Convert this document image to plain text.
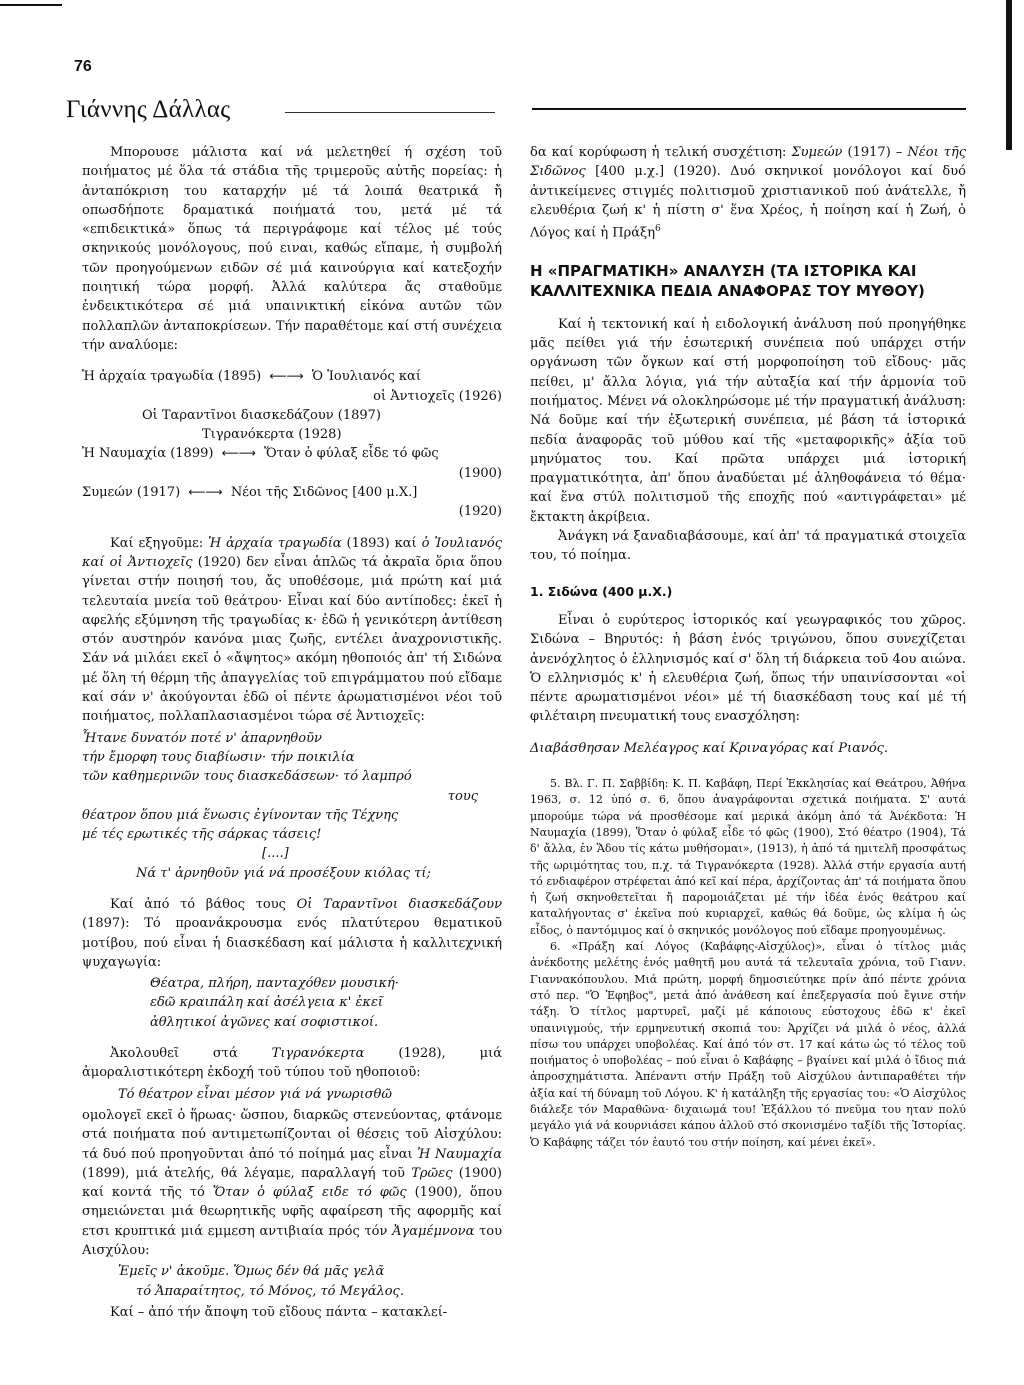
76
Γιάννης Δάλλας

Μπορουσε μάλιστα καί νά μελετηθεί ή σχέση τοῦ ποιήματος μέ ὅλα τά στάδια τῆς τριμεροῦς αὐτῆς πορείας: ἡ ἀνταπόκριση του καταρχήν μέ τά λοιπά θεατρικά ἤ οπωσδήποτε δραματικά ποιήματά του, μετά μέ τά «επιδεικτικά» ὅπως τά περιγράφομε καί τέλος μέ τούς σκηνικούς μονόλογους, πού ειναι, καθώς εἴπαμε, ἡ συμβολή τῶν προηγούμενων ειδῶν σέ μιά καινούργια καί κατεξοχήν ποιητική τώρα μορφή. Ἀλλά καλύτερα ἄς σταθοῦμε ἐνδεικτικότερα σέ μιά υπαινικτική εἰκόνα αυτῶν τῶν πολλαπλῶν ἀνταποκρίσεων. Τήν παραθέτομε καί στή συνέχεια τήν αναλύομε:

Ἡ ἀρχαία τραγωδία (1895) ⟵⟶ Ὁ Ἰουλιανός καί
οἱ Ἀντιοχεῖς (1926)
Οἱ Ταραντῖνοι διασκεδάζουν (1897)
Τιγρανόκερτα (1928)
Ἡ Ναυμαχία (1899) ⟵⟶ Ὅταν ὁ φύλαξ εἶδε τό φῶς
(1900)
Συμεών (1917) ⟵⟶ Νέοι τῆς Σιδῶνος [400 μ.Χ.]
(1920)

Καί εξηγοῦμε: Ἡ ἀρχαία τραγωδία (1893) καί ὁ Ἰουλιανός καί οἱ Ἀντιοχεῖς (1920) δεν εἶναι ἁπλῶς τά ἀκραῖα ὅρια ὅπου γίνεται στήν ποιησή του, ἄς υποθέσομε, μιά πρώτη καί μιά τελευταία μνεία τοῦ θεάτρου· Εἶναι καί δύο αντίποδες: ἐκεῖ ἡ αφελής εξύμνηση τῆς τραγωδίας κ· ἐδῶ ἡ γενικότερη ἀντίθεση στόν αυστηρόν κανόνα μιας ζωῆς, εντέλει ἀναχρονιστικῆς. Σάν νά μιλάει εκεῖ ὁ «ἄψητος» ακόμη ηθοποιός ἀπ' τή Σιδώνα μέ ὅλη τή θέρμη τῆς ἀπαγγελίας τοῦ επιγράμματου πού εἴδαμε καί σάν ν' ἀκούγονται ἐδῶ οἱ πέντε ἀρωματισμένοι νέοι τοῦ ποιήματος, πολλαπλασιασμένοι τώρα σέ Ἀντιοχεῖς:

Ἦτανε δυνατόν ποτέ ν' ἀπαρνηθοῦν
τήν ἔμορφη τους διαβίωσιν· τήν ποικιλία
τῶν καθημερινῶν τους διασκεδάσεων· τό λαμπρό
τους
θέατρον ὅπου μιά ἕνωσις ἐγίνονταν τῆς Τέχνης
μέ τές ερωτικές τῆς σάρκας τάσεις!
[....]
Νά τ' ἀρνηθοῦν γιά νά προσέξουν κιόλας τί;

Καί ἀπό τό βάθος τους Οἱ Ταραντῖνοι διασκεδάζουν (1897): Τό προανάκρουσμα ενός πλατύτερου θεματικοῦ μοτίβου, πού εἶναι ἡ διασκέδαση καί μάλιστα ἡ καλλιτεχνική ψυχαγωγία:

Θέατρα, πλήρη, πανταχόθεν μουσική·
εδῶ κραιπάλη καί ἀσέλγεια κ' ἐκεῖ
ἀθλητικοί ἀγῶνες καί σοφιστικοί.

Ἀκολουθεῖ στά Τιγρανόκερτα (1928), μιά ἀμοραλιστικότερη ἐκδοχή τοῦ τύπου τοῦ ηθοποιοῦ:

Τό θέατρον εἶναι μέσον γιά νά γνωρισθῶ

ομολογεῖ εκεῖ ὁ ἥρωας· ὥσπου, διαρκῶς στενεύοντας, φτάνομε στά ποιήματα πού αντιμετωπίζονται οἱ θέσεις τοῦ Αἰσχύλου: τά δυό πού προηγοῦνται ἀπό τό ποίημά μας εἶναι Ἡ Ναυμαχία (1899), μιά ἀτελής, θά λέγαμε, παραλλαγή τοῦ Τρῶες (1900) καί κοντά τῆς τό Ὅταν ὁ φύλαξ ειδε τό φῶς (1900), ὅπου σημειώνεται μιά θεωρητικῆς υφῆς αφαίρεση τῆς αφορμῆς καί ετσι κρυπτικά μιά εμμεση αντιβιαία πρός τόν Ἀγαμέμνονα του Αισχύλου:

Ἐμεῖς ν' ἀκοῦμε. Ὅμως δέν θά μᾶς γελᾶ
τό Ἀπαραίτητος, τό Μόνος, τό Μεγάλος.

Καί – ἀπό τήν ἄποψη τοῦ εἴδους πάντα – κατακλεί-

δα καί κορύφωση ἡ τελική συσχέτιση: Συμεών (1917) – Νέοι τῆς Σιδῶνος [400 μ.χ.] (1920). Δυό σκηνικοί μονόλογοι καί δυό ἀντικείμενες στιγμές πολιτισμοῦ χριστιανικοῦ πού ἀνάτελλε, ἤ ελευθέρια ζωή κ' ἡ πίστη σ' ἕνα Χρέος, ἡ ποίηση καί ἡ Ζωή, ὁ Λόγος καί ἡ Πράξη$^6$

Η «ΠΡΑΓΜΑΤΙΚΗ» ΑΝΑΛΥΣΗ (ΤΑ ΙΣΤΟΡΙΚΑ ΚΑΙ ΚΑΛΛΙΤΕΧΝΙΚΑ ΠΕΔΙΑ ΑΝΑΦΟΡΑΣ ΤΟΥ ΜΥΘΟΥ)

Καί ἡ τεκτονική καί ἡ ειδολογική ἀνάλυση πού προηγήθηκε μᾶς πείθει γιά τήν ἐσωτερική συνέπεια πού υπάρχει στήν οργάνωση τῶν ὄγκων καί στή μορφοποίηση τοῦ εἴδους· μᾶς πείθει, μ' ἄλλα λόγια, γιά τήν αὐταξία καί τήν ἁρμονία τοῦ ποιήματος. Μένει νά ολοκληρώσομε μέ τήν πραγματική ἀνάλυση: Νά δοῦμε καί τήν ἐξωτερική συνέπεια, μέ βάση τά ἱστορικά πεδία ἀναφορᾶς τοῦ μύθου καί τῆς «μεταφορικῆς» ἀξία τοῦ μηνύματος του. Καί πρῶτα υπάρχει μιά ἱστορική πραγματικότητα, ἀπ' ὅπου ἀναδύεται μέ ἀληθοφάνεια τό θέμα· καί ἕνα στύλ πολιτισμοῦ τῆς εποχῆς πού «αντιγράφεται» μέ ἔκτακτη ἀκρίβεια.

Ἀνάγκη νά ξαναδιαβάσουμε, καί ἀπ' τά πραγματικά στοιχεῖα του, τό ποίημα.

1. Σιδώνα (400 μ.Χ.)

Εἶναι ὁ ευρύτερος ἱστορικός καί γεωγραφικός του χῶρος. Σιδώνα – Βηρυτός: ἡ βάση ἑνός τριγώνου, ὅπου συνεχίζεται ἀνενόχλητος ὁ ἑλληνισμός καί σ' ὅλη τή διάρκεια τοῦ 4ου αιώνα. Ὁ ελληνισμός κ' ἡ ελευθέρια ζωή, ὅπως τήν υπαινίσσονται «οἱ πέντε αρωματισμένοι νέοι» μέ τή διασκέδαση τους καί μέ τή φιλέταιρη πνευματική τους ενασχόληση:

Διαβάσθησαν Μελέαγρος καί Κριναγόρας καί Ριανός.

5. Βλ. Γ. Π. Σαββίδη: Κ. Π. Καβάφη, Περί Ἐκκλησίας καί Θεάτρου, Ἀθήνα 1963, σ. 12 ὑπό σ. 6, ὅπου ἀναγράφονται σχετικά ποιήματα. Σ' αυτά μπορούμε τώρα νά προσθέσομε καί μερικά ἀκόμη ἀπό τά Ἀνέκδοτα: Ἡ Ναυμαχία (1899), Ὅταν ὁ φύλαξ εἶδε τό φῶς (1900), Στό θέατρο (1904), Τά δ' ἄλλα, ἐν Ἅδου τίς κάτω μυθήσομαι», (1913), ἡ ἀπό τά ημιτελῆ προσφάτως τῆς ωριμότητας του, π.χ. τά Τιγρανόκερτα (1928). Ἀλλά στήν εργασία αυτή τό ενδιαφέρον στρέφεται ἀπό κεῖ καί πέρα, ἀρχίζοντας ἀπ' τά ποιήματα ὅπου ἡ ζωή σκηνοθετεῖται ἤ παρομοιάζεται μέ τήν ἰδέα ἑνός θεάτρου καί καταλήγοντας σ' ἐκεῖνα πού κυριαρχεῖ, καθώς θά δοῦμε, ὡς κλίμα ἡ ὡς εἶδος, ὁ παντόμιμος καί ὁ σκηνικός μονόλογος πού εἴδαμε προηγουμένως.

6. «Πράξη καί Λόγος (Καβάφης-Αἰσχύλος)», εἶναι ὁ τίτλος μιάς ἀνέκδοτης μελέτης ἑνός μαθητῆ μου αυτά τά τελευταῖα χρόνια, τοῦ Γιανν. Γιαννακόπουλου. Μιά πρώτη, μορφή δημοσιεύτηκε πρίν ἀπό πέντε χρόνια στό περ. "Ὁ Ἐφηβος", μετά ἀπό ἀνάθεση καί ἐπεξεργασία πού ἔγινε στήν τάξη. Ὁ τίτλος μαρτυρεῖ, μαζί μέ κάποιους εὐστοχους ἐδῶ κ' ἐκεῖ υπαινιγμούς, τήν ερμηνευτική σκοπιά του: Ἀρχίζει νά μιλά ὁ νέος, ἀλλά πίσω του υπάρχει υποβολέας. Καί ἀπό τόν στ. 17 καί κάτω ὡς τό τέλος τοῦ ποιήματος ὁ υποβολέας – πού εἶναι ὁ Καβάφης – βγαίνει καί μιλά ὁ ἴδιος πιά ἀπροσχημάτιστα. Ἀπέναντι στήν Πράξη τοῦ Αἰσχύλου ἀντιπαραθέτει τήν ἀξία καί τή δύναμη τοῦ Λόγου. Κ' ἡ κατάληξη τῆς εργασίας του: «Ὁ Αἰσχύλος διάλεξε τόν Μαραθῶνα· διχαιωμά του! Ἐξάλλου τό πνεῦμα του ηταν πολύ μεγάλο γιά νά κουρνιάσει κάπου ἀλλοῦ στό σκονισμένο ταξίδι τῆς Ἰστορίας. Ὁ Καβάφης τάζει τόν ἑαυτό του στήν ποίηση, καί μένει ἐκεῖ».
